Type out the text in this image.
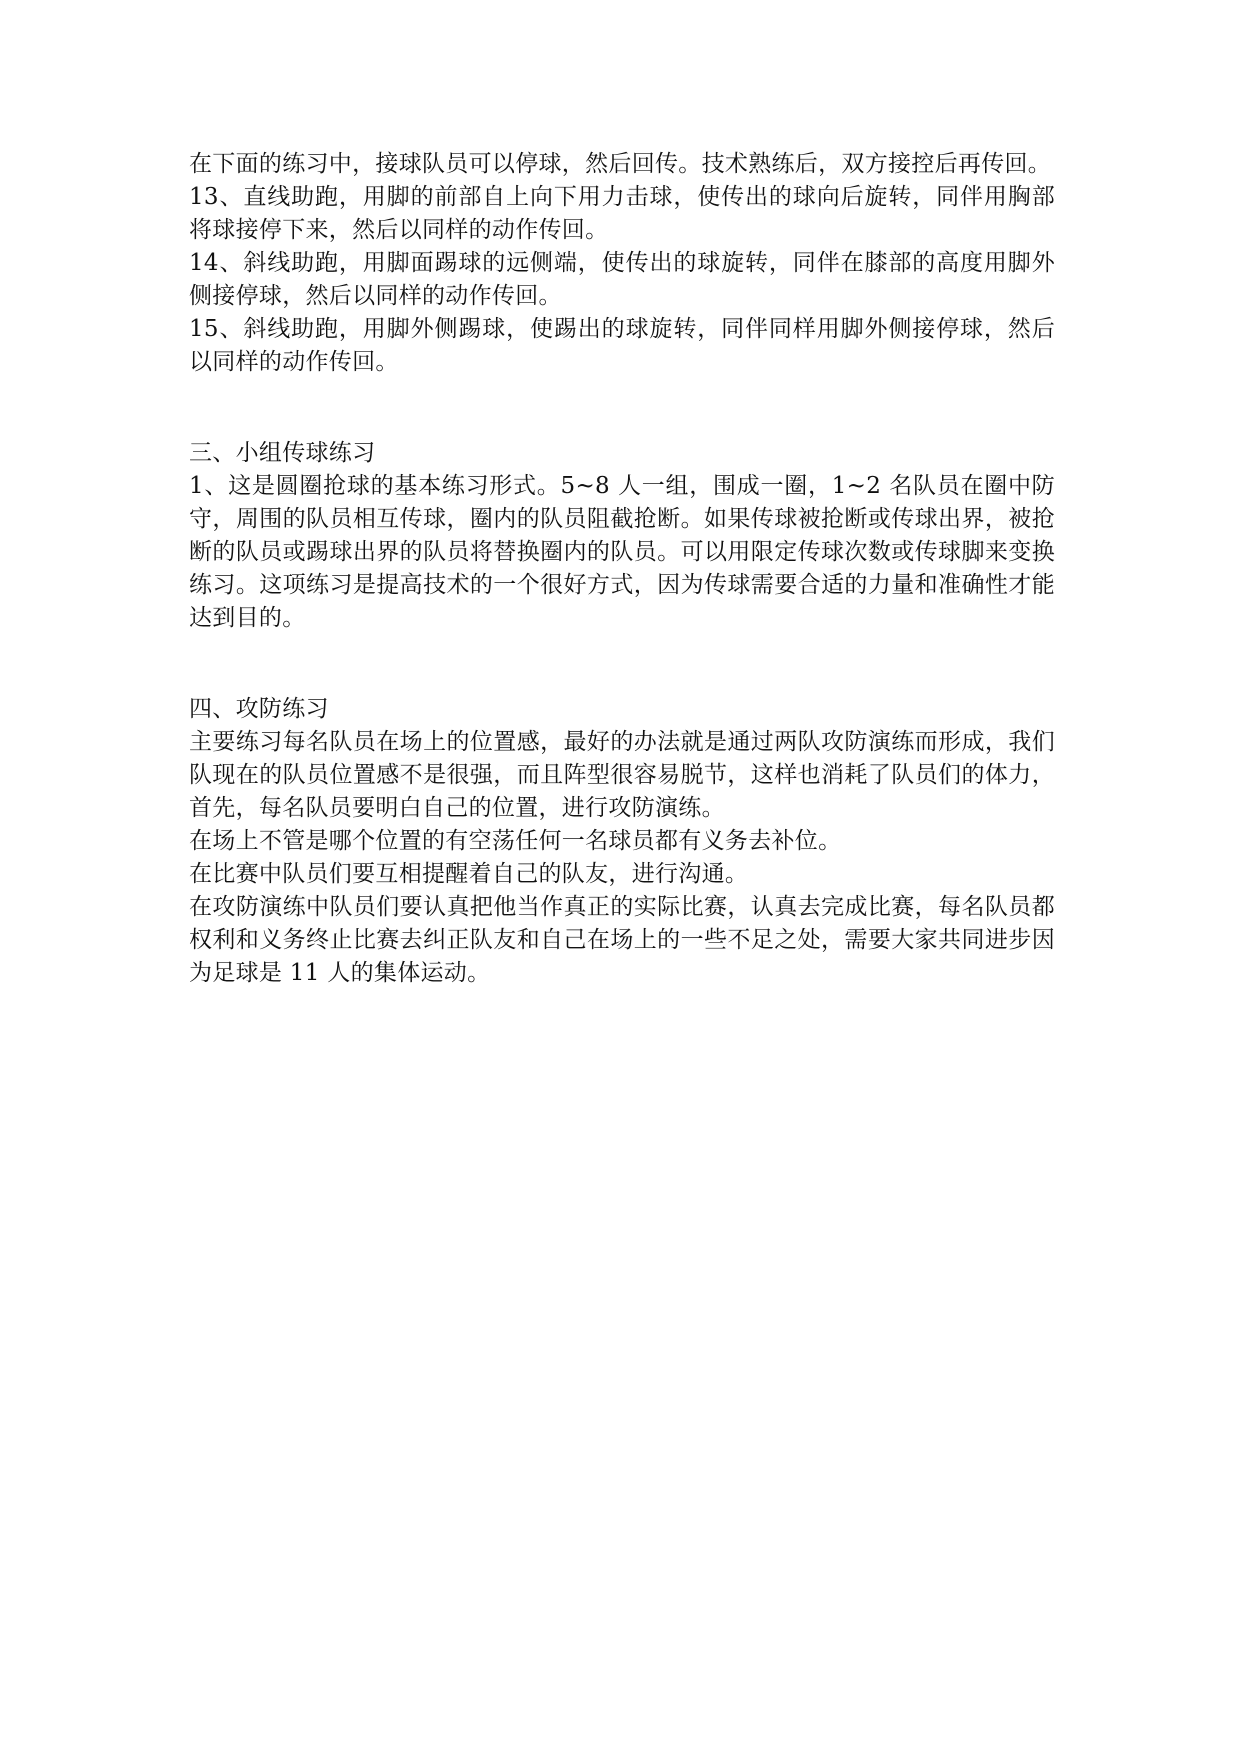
在下面的练习中，接球队员可以停球，然后回传。技术熟练后，双方接控后再传回。

13、直线助跑，用脚的前部自上向下用力击球，使传出的球向后旋转，同伴用胸部将球接停下来，然后以同样的动作传回。

14、斜线助跑，用脚面踢球的远侧端，使传出的球旋转，同伴在膝部的高度用脚外侧接停球，然后以同样的动作传回。

15、斜线助跑，用脚外侧踢球，使踢出的球旋转，同伴同样用脚外侧接停球，然后以同样的动作传回。

三、小组传球练习

1、这是圆圈抢球的基本练习形式。5~8 人一组，围成一圈，1~2 名队员在圈中防守，周围的队员相互传球，圈内的队员阻截抢断。如果传球被抢断或传球出界，被抢断的队员或踢球出界的队员将替换圈内的队员。可以用限定传球次数或传球脚来变换练习。这项练习是提高技术的一个很好方式，因为传球需要合适的力量和准确性才能达到目的。

四、攻防练习

主要练习每名队员在场上的位置感，最好的办法就是通过两队攻防演练而形成，我们队现在的队员位置感不是很强，而且阵型很容易脱节，这样也消耗了队员们的体力，首先，每名队员要明白自己的位置，进行攻防演练。

在场上不管是哪个位置的有空荡任何一名球员都有义务去补位。

在比赛中队员们要互相提醒着自己的队友，进行沟通。

在攻防演练中队员们要认真把他当作真正的实际比赛，认真去完成比赛，每名队员都权利和义务终止比赛去纠正队友和自己在场上的一些不足之处，需要大家共同进步因为足球是 11 人的集体运动。
